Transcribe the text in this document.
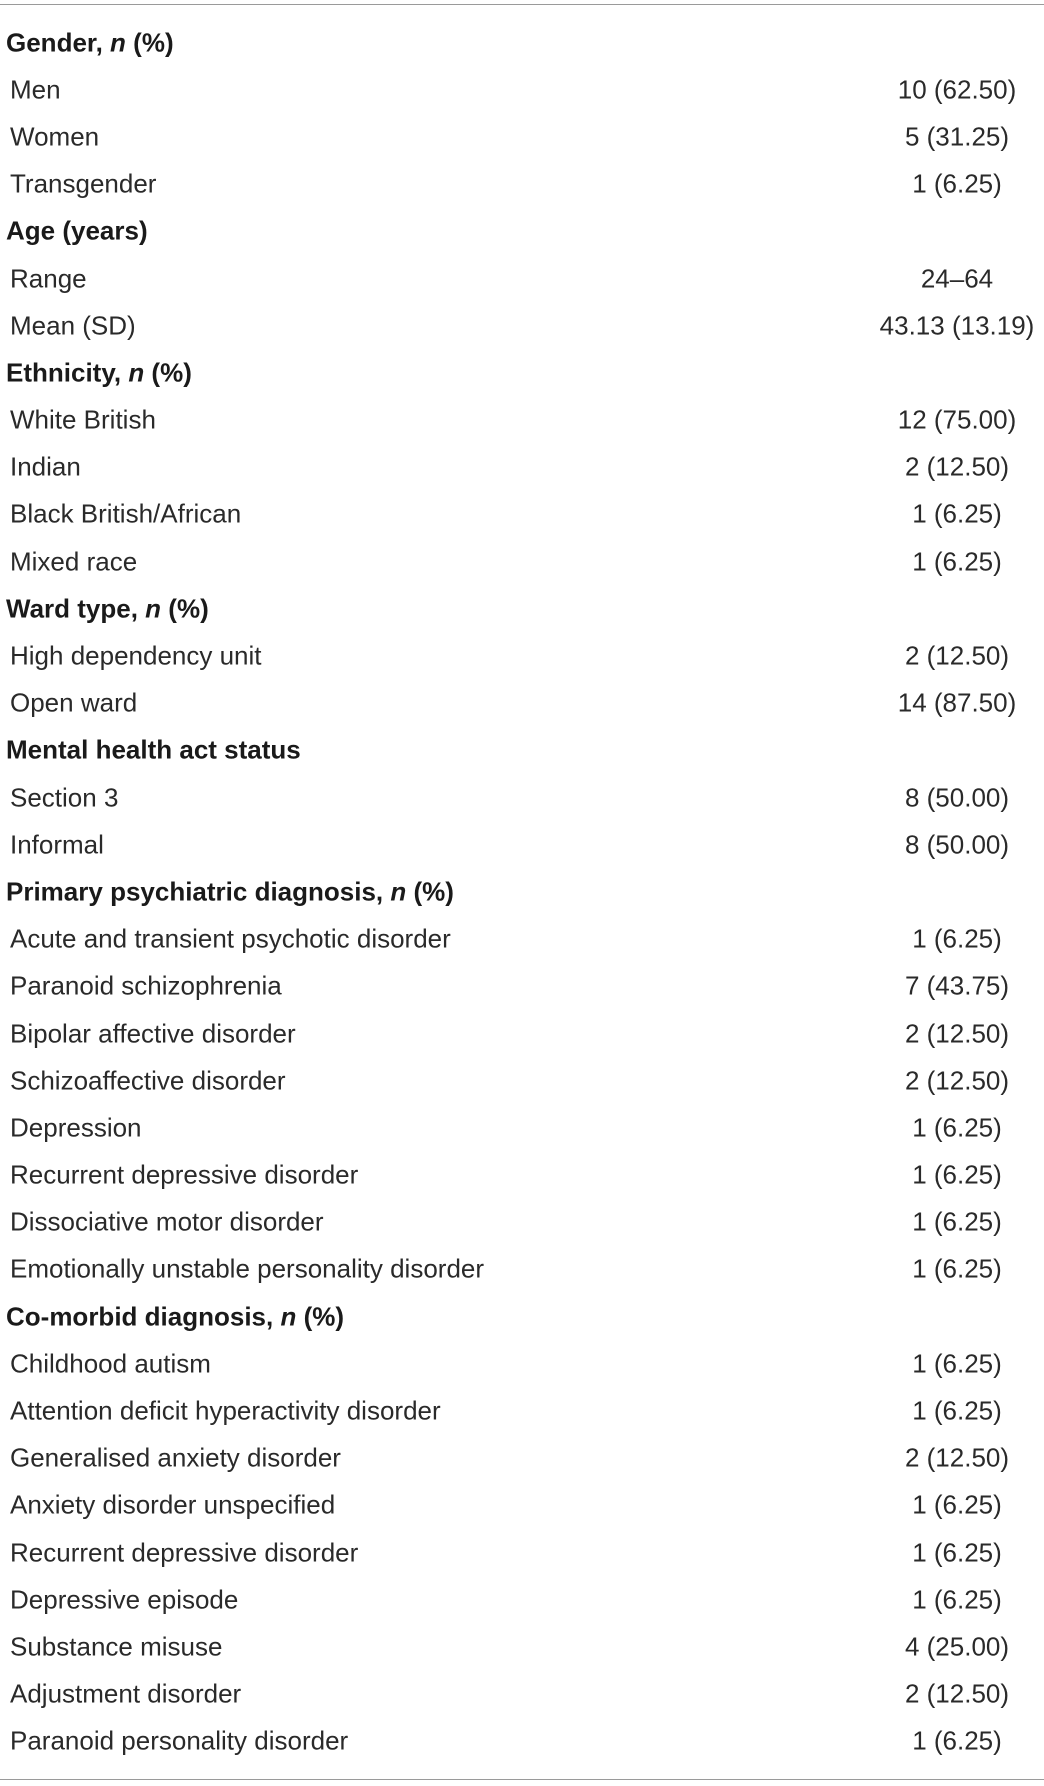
Gender, n (%)
Men	10 (62.50)
Women	5 (31.25)
Transgender	1 (6.25)
Age (years)
Range	24–64
Mean (SD)	43.13 (13.19)
Ethnicity, n (%)
White British	12 (75.00)
Indian	2 (12.50)
Black British/African	1 (6.25)
Mixed race	1 (6.25)
Ward type, n (%)
High dependency unit	2 (12.50)
Open ward	14 (87.50)
Mental health act status
Section 3	8 (50.00)
Informal	8 (50.00)
Primary psychiatric diagnosis, n (%)
Acute and transient psychotic disorder	1 (6.25)
Paranoid schizophrenia	7 (43.75)
Bipolar affective disorder	2 (12.50)
Schizoaffective disorder	2 (12.50)
Depression	1 (6.25)
Recurrent depressive disorder	1 (6.25)
Dissociative motor disorder	1 (6.25)
Emotionally unstable personality disorder	1 (6.25)
Co-morbid diagnosis, n (%)
Childhood autism	1 (6.25)
Attention deficit hyperactivity disorder	1 (6.25)
Generalised anxiety disorder	2 (12.50)
Anxiety disorder unspecified	1 (6.25)
Recurrent depressive disorder	1 (6.25)
Depressive episode	1 (6.25)
Substance misuse	4 (25.00)
Adjustment disorder	2 (12.50)
Paranoid personality disorder	1 (6.25)
